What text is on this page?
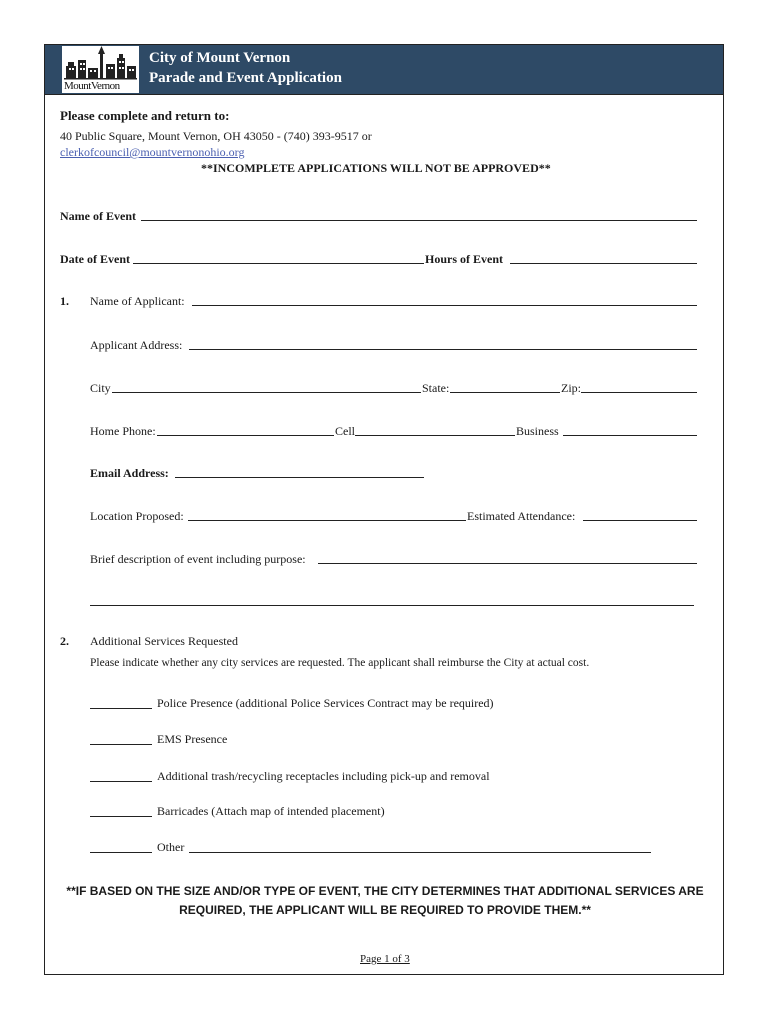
MountVernon
City of Mount Vernon
Parade and Event Application
Please complete and return to:
40 Public Square, Mount Vernon, OH 43050 - (740) 393-9517 or
clerkofcouncil@mountvernonohio.org
**INCOMPLETE APPLICATIONS WILL NOT BE APPROVED**
Name of Event
Date of Event	Hours of Event
1. Name of Applicant:
Applicant Address:
City	State:	Zip:
Home Phone:	Cell	Business
Email Address:
Location Proposed:	Estimated Attendance:
Brief description of event including purpose:
2. Additional Services Requested
Please indicate whether any city services are requested. The applicant shall reimburse the City at actual cost.
Police Presence (additional Police Services Contract may be required)
EMS Presence
Additional trash/recycling receptacles including pick-up and removal
Barricades (Attach map of intended placement)
Other
**IF BASED ON THE SIZE AND/OR TYPE OF EVENT, THE CITY DETERMINES THAT ADDITIONAL SERVICES ARE
REQUIRED, THE APPLICANT WILL BE REQUIRED TO PROVIDE THEM.**
Page 1 of 3
